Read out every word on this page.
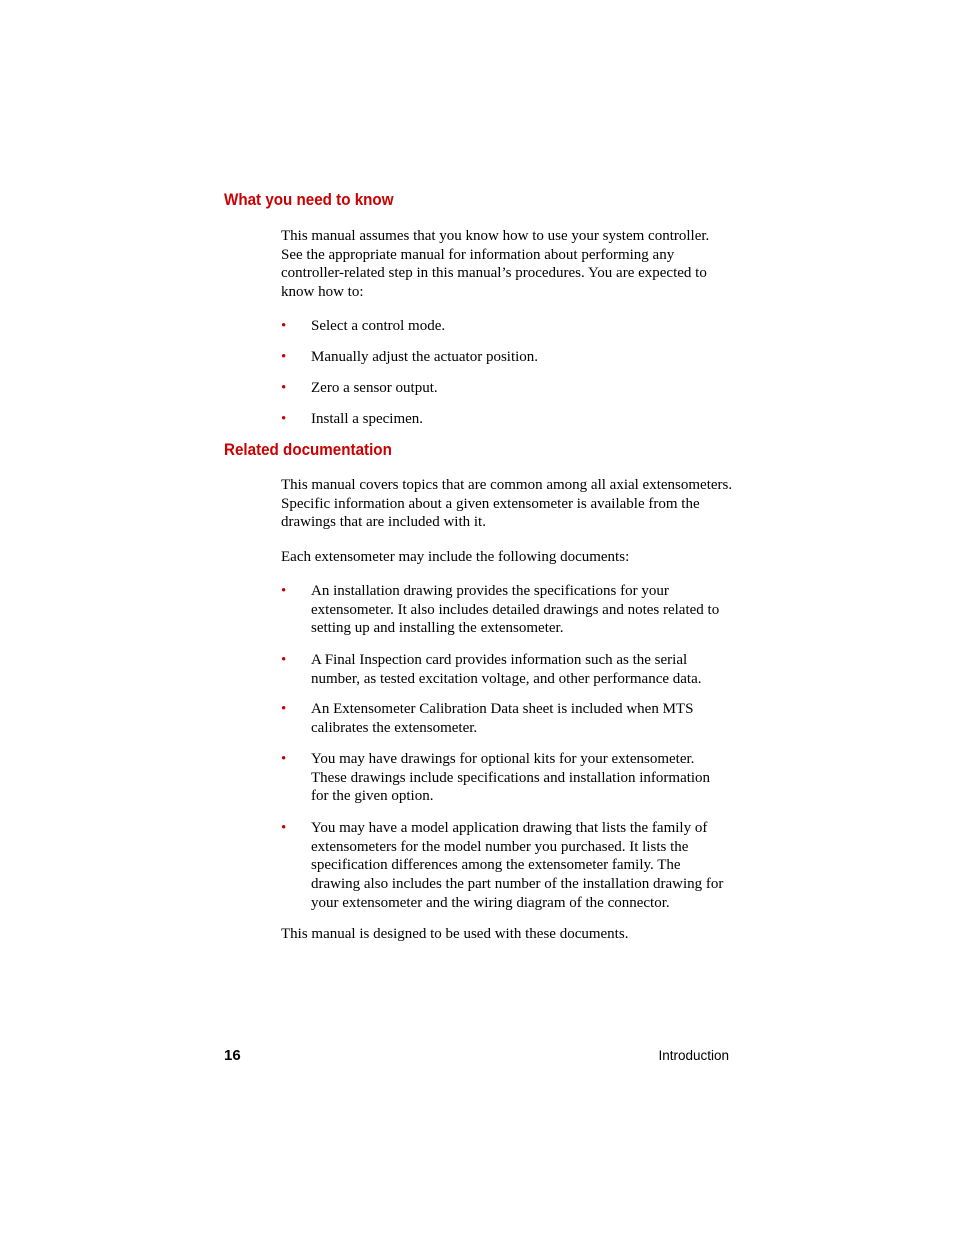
What you need to know

This manual assumes that you know how to use your system controller. See the appropriate manual for information about performing any controller-related step in this manual’s procedures. You are expected to know how to:

• Select a control mode.

• Manually adjust the actuator position.

• Zero a sensor output.

• Install a specimen.

Related documentation

This manual covers topics that are common among all axial extensometers. Specific information about a given extensometer is available from the drawings that are included with it.

Each extensometer may include the following documents:

• An installation drawing provides the specifications for your extensometer. It also includes detailed drawings and notes related to setting up and installing the extensometer.

• A Final Inspection card provides information such as the serial number, as tested excitation voltage, and other performance data.

• An Extensometer Calibration Data sheet is included when MTS calibrates the extensometer.

• You may have drawings for optional kits for your extensometer. These drawings include specifications and installation information for the given option.

• You may have a model application drawing that lists the family of extensometers for the model number you purchased. It lists the specification differences among the extensometer family. The drawing also includes the part number of the installation drawing for your extensometer and the wiring diagram of the connector.

This manual is designed to be used with these documents.

16	Introduction
